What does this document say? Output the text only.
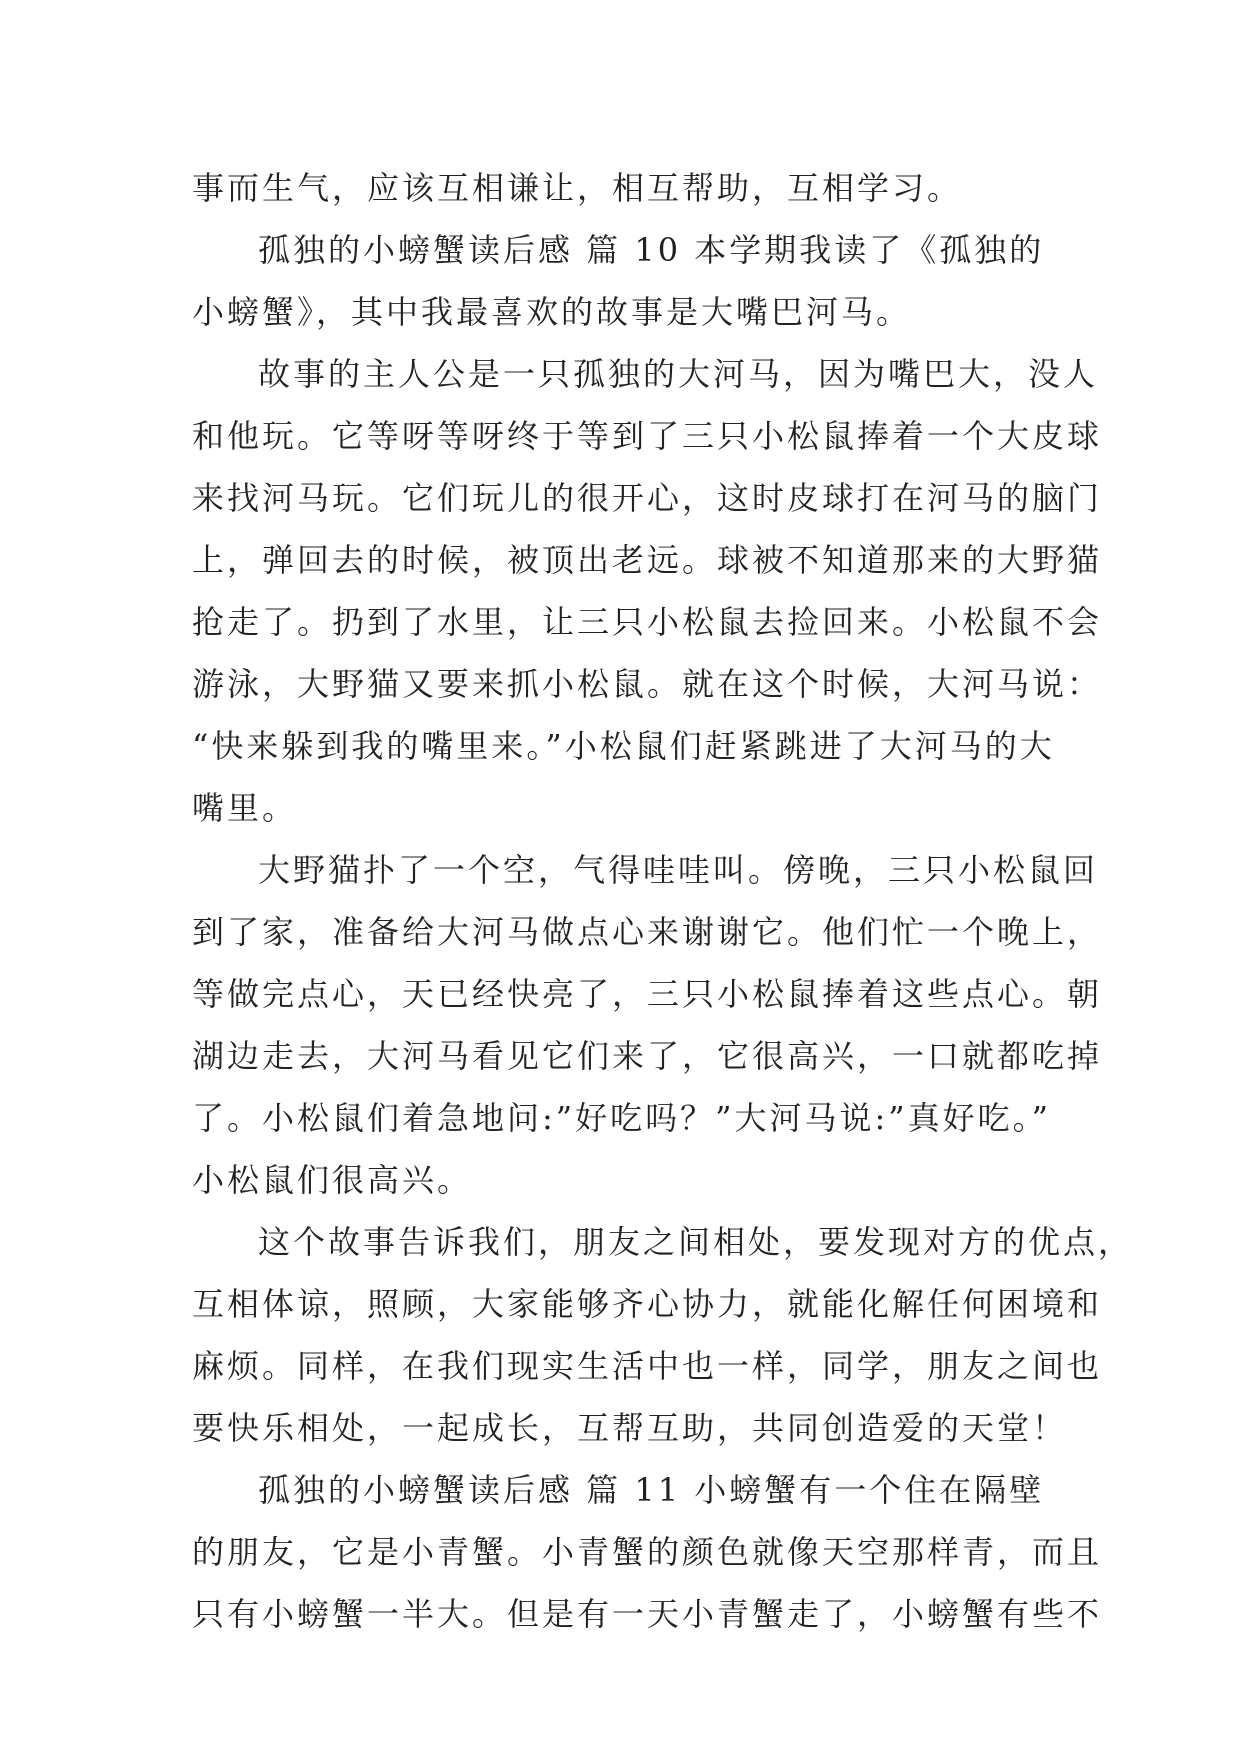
事而生气，应该互相谦让，相互帮助，互相学习。
孤独的小螃蟹读后感 篇 10 本学期我读了《孤独的
小螃蟹》，其中我最喜欢的故事是大嘴巴河马。
故事的主人公是一只孤独的大河马，因为嘴巴大，没人
和他玩。它等呀等呀终于等到了三只小松鼠捧着一个大皮球
来找河马玩。它们玩儿的很开心，这时皮球打在河马的脑门
上，弹回去的时候，被顶出老远。球被不知道那来的大野猫
抢走了。扔到了水里，让三只小松鼠去捡回来。小松鼠不会
游泳，大野猫又要来抓小松鼠。就在这个时候，大河马说：
“快来躲到我的嘴里来。”小松鼠们赶紧跳进了大河马的大
嘴里。
大野猫扑了一个空，气得哇哇叫。傍晚，三只小松鼠回
到了家，准备给大河马做点心来谢谢它。他们忙一个晚上，
等做完点心，天已经快亮了，三只小松鼠捧着这些点心。朝
湖边走去，大河马看见它们来了，它很高兴，一口就都吃掉
了。小松鼠们着急地问:”好吃吗？”大河马说:”真好吃。”
小松鼠们很高兴。
这个故事告诉我们，朋友之间相处，要发现对方的优点，
互相体谅，照顾，大家能够齐心协力，就能化解任何困境和
麻烦。同样，在我们现实生活中也一样，同学，朋友之间也
要快乐相处，一起成长，互帮互助，共同创造爱的天堂！
孤独的小螃蟹读后感 篇 11 小螃蟹有一个住在隔壁
的朋友，它是小青蟹。小青蟹的颜色就像天空那样青，而且
只有小螃蟹一半大。但是有一天小青蟹走了，小螃蟹有些不
